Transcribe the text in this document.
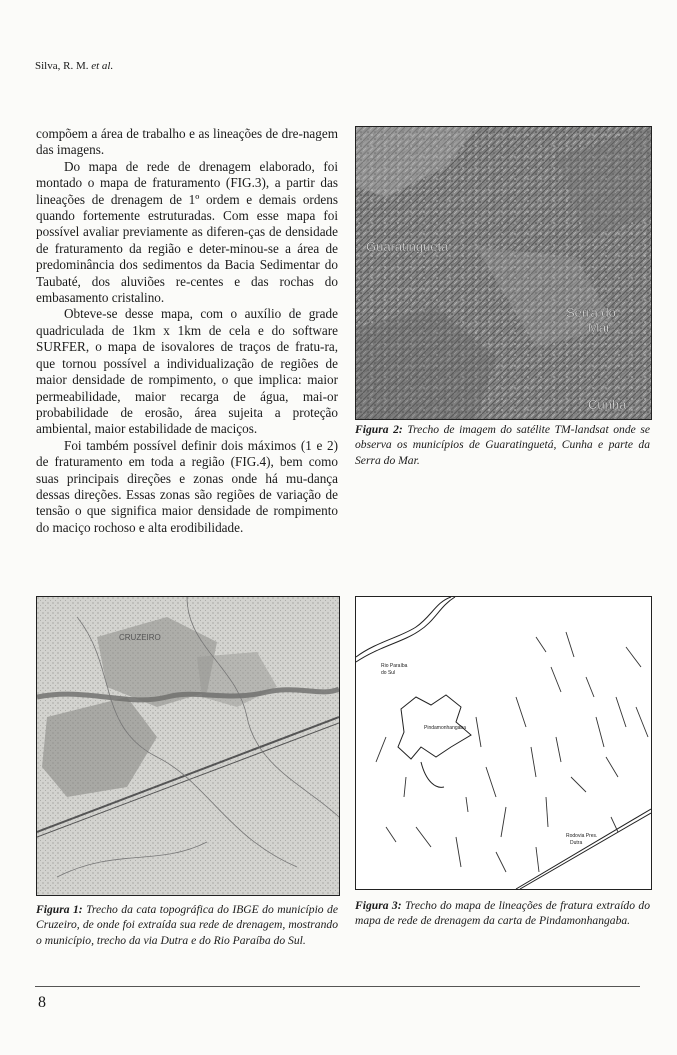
Silva, R. M. et al.

compõem a área de trabalho e as lineações de dre-nagem das imagens.

Do mapa de rede de drenagem elaborado, foi montado o mapa de fraturamento (FIG.3), a partir das lineações de drenagem de 1º ordem e demais ordens quando fortemente estruturadas. Com esse mapa foi possível avaliar previamente as diferen-ças de densidade de fraturamento da região e deter-minou-se a área de predominância dos sedimentos da Bacia Sedimentar do Taubaté, dos aluviões re-centes e das rochas do embasamento cristalino.

Obteve-se desse mapa, com o auxílio de grade quadriculada de 1km x 1km de cela e do software SURFER, o mapa de isovalores de traços de fratu-ra, que tornou possível a individualização de regiões de maior densidade de rompimento, o que implica: maior permeabilidade, maior recarga de água, mai-or probabilidade de erosão, área sujeita a proteção ambiental, maior estabilidade de maciços.

Foi também possível definir dois máximos (1 e 2) de fraturamento em toda a região (FIG.4), bem como suas principais direções e zonas onde há mu-dança dessas direções. Essas zonas são regiões de variação de tensão o que significa maior densidade de rompimento do maciço rochoso e alta erodibilidade.

Guaratinguetá
Serra do
Mar
Cunha
Figura 2: Trecho de imagem do satélite TM-landsat onde se observa os municípios de Guaratinguetá, Cunha e parte da Serra do Mar.
CRUZEIRO
Figura 1: Trecho da cata topográfica do IBGE do município de Cruzeiro, de onde foi extraída sua rede de drenagem, mostrando o município, trecho da via Dutra e do Rio Paraíba do Sul.
Rio Paraíba
do Sul
Pindamonhangaba
Rodovia Pres.
Dutra
Figura 3: Trecho do mapa de lineações de fratura extraído do mapa de rede de drenagem da carta de Pindamonhangaba.
8
